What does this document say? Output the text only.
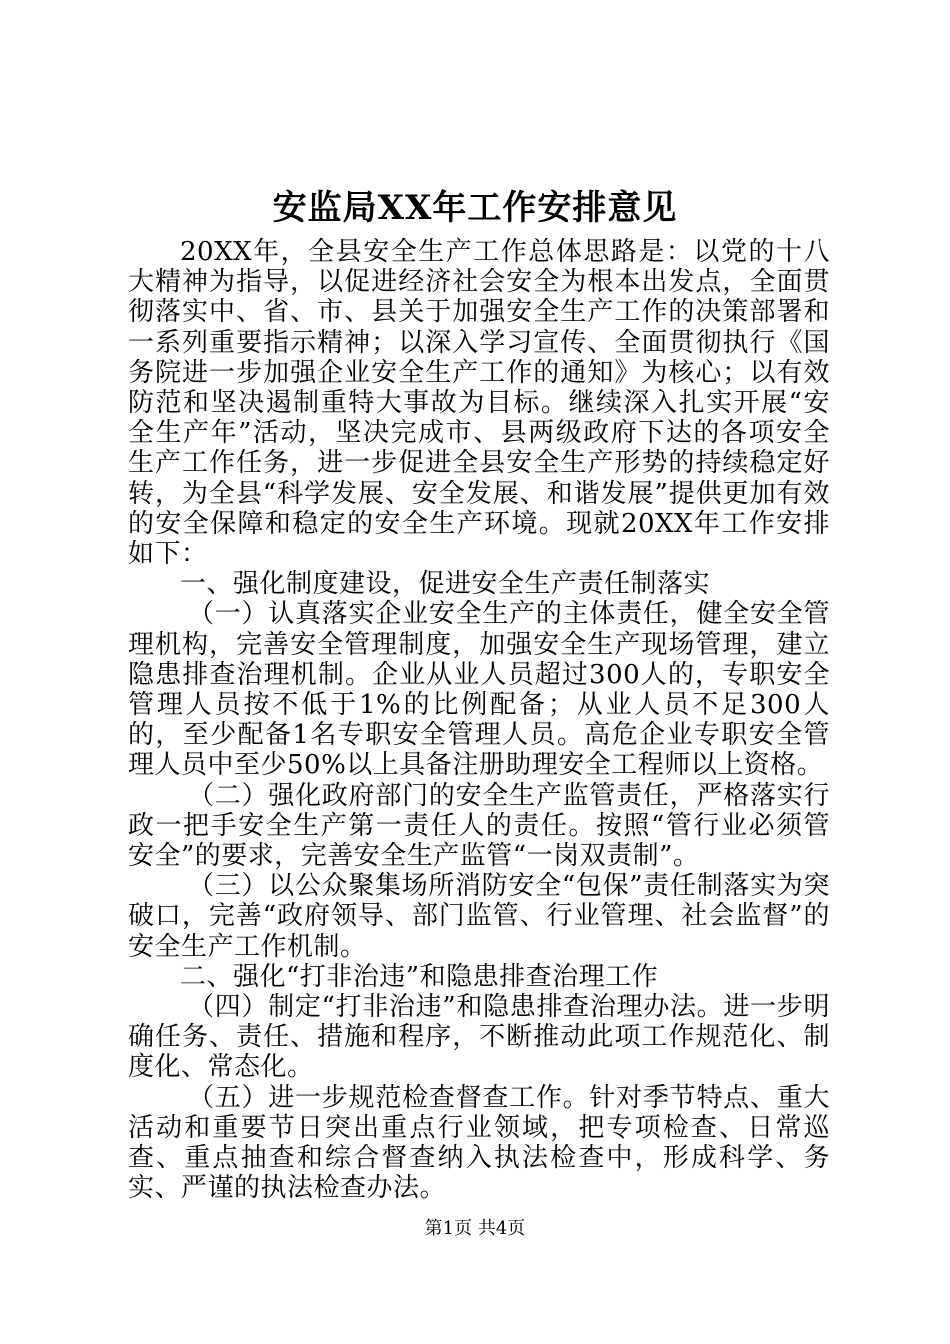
安监局XX年工作安排意见

20XX年，全县安全生产工作总体思路是：以党的十八大精神为指导，以促进经济社会安全为根本出发点，全面贯彻落实中、省、市、县关于加强安全生产工作的决策部署和一系列重要指示精神；以深入学习宣传、全面贯彻执行《国务院进一步加强企业安全生产工作的通知》为核心；以有效防范和坚决遏制重特大事故为目标。继续深入扎实开展“安全生产年”活动，坚决完成市、县两级政府下达的各项安全生产工作任务，进一步促进全县安全生产形势的持续稳定好转，为全县“科学发展、安全发展、和谐发展”提供更加有效的安全保障和稳定的安全生产环境。现就20XX年工作安排如下：

一、强化制度建设，促进安全生产责任制落实

（一）认真落实企业安全生产的主体责任，健全安全管理机构，完善安全管理制度，加强安全生产现场管理，建立隐患排查治理机制。企业从业人员超过300人的，专职安全管理人员按不低于1%的比例配备；从业人员不足300人的，至少配备1名专职安全管理人员。高危企业专职安全管理人员中至少50%以上具备注册助理安全工程师以上资格。

（二）强化政府部门的安全生产监管责任，严格落实行政一把手安全生产第一责任人的责任。按照“管行业必须管安全”的要求，完善安全生产监管“一岗双责制”。

（三）以公众聚集场所消防安全“包保”责任制落实为突破口，完善“政府领导、部门监管、行业管理、社会监督”的安全生产工作机制。

二、强化“打非治违”和隐患排查治理工作

（四）制定“打非治违”和隐患排查治理办法。进一步明确任务、责任、措施和程序，不断推动此项工作规范化、制度化、常态化。

（五）进一步规范检查督查工作。针对季节特点、重大活动和重要节日突出重点行业领域，把专项检查、日常巡查、重点抽查和综合督查纳入执法检查中，形成科学、务实、严谨的执法检查办法。

第1页 共4页
